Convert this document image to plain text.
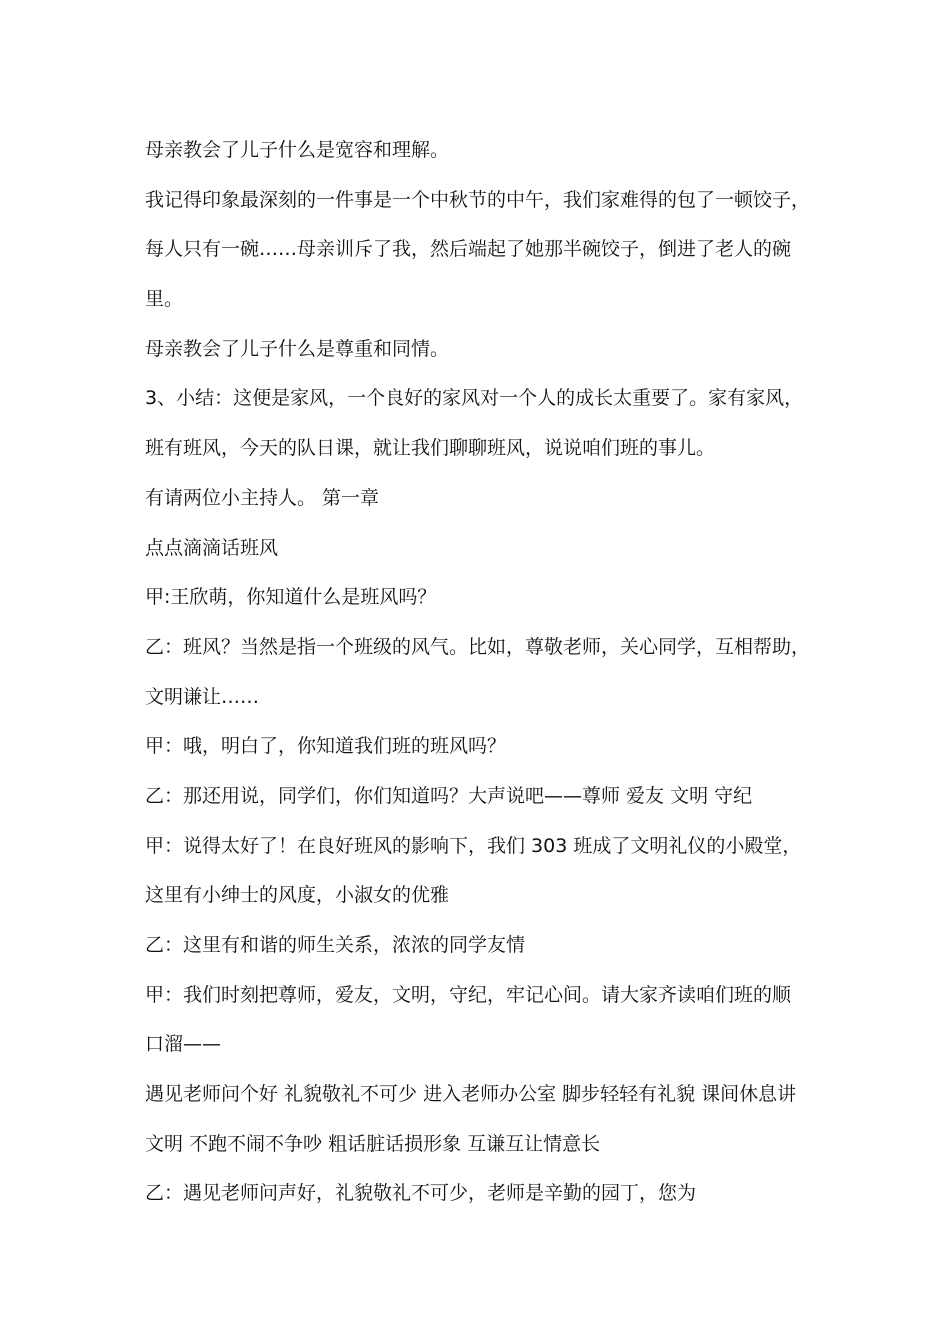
母亲教会了儿子什么是宽容和理解。
我记得印象最深刻的一件事是一个中秋节的中午，我们家难得的包了一顿饺子，
每人只有一碗……母亲训斥了我，然后端起了她那半碗饺子，倒进了老人的碗
里。
母亲教会了儿子什么是尊重和同情。
3、小结：这便是家风，一个良好的家风对一个人的成长太重要了。家有家风，
班有班风，今天的队日课，就让我们聊聊班风，说说咱们班的事儿。
有请两位小主持人。 第一章
点点滴滴话班风
甲:王欣萌，你知道什么是班风吗？
乙：班风？当然是指一个班级的风气。比如，尊敬老师，关心同学，互相帮助，
文明谦让……
甲：哦，明白了，你知道我们班的班风吗？
乙：那还用说，同学们，你们知道吗？大声说吧——尊师 爱友 文明 守纪
甲：说得太好了！在良好班风的影响下，我们 303 班成了文明礼仪的小殿堂，
这里有小绅士的风度，小淑女的优雅
乙：这里有和谐的师生关系，浓浓的同学友情
甲：我们时刻把尊师，爱友，文明，守纪，牢记心间。请大家齐读咱们班的顺
口溜——
遇见老师问个好 礼貌敬礼不可少 进入老师办公室 脚步轻轻有礼貌 课间休息讲
文明 不跑不闹不争吵 粗话脏话损形象 互谦互让情意长
乙：遇见老师问声好，礼貌敬礼不可少，老师是辛勤的园丁，您为
